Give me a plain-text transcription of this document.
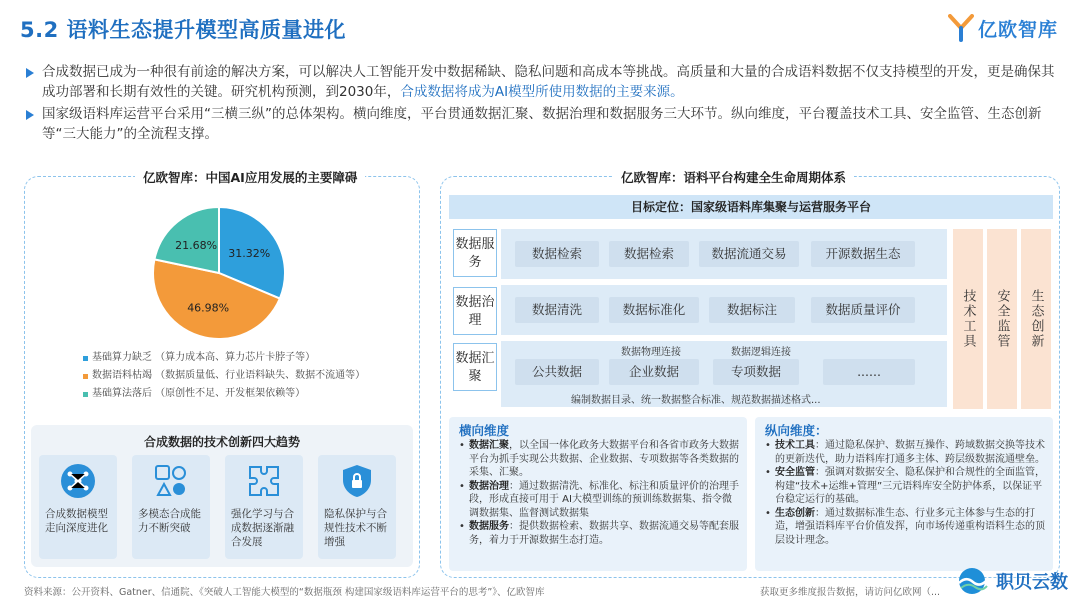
5.2 语料生态提升模型高质量进化	亿欧智库
合成数据已成为一种很有前途的解决方案，可以解决人工智能开发中数据稀缺、隐私问题和高成本等挑战。高质量和大量的合成语料数据不仅支持模型的开发，更是确保其成功部署和长期有效性的关键。研究机构预测，到2030年，合成数据将成为AI模型所使用数据的主要来源。
国家级语料库运营平台采用“三横三纵”的总体架构。横向维度，平台贯通数据汇聚、数据治理和数据服务三大环节。纵向维度，平台覆盖技术工具、安全监管、生态创新等“三大能力”的全流程支撑。
亿欧智库：中国AI应用发展的主要障碍
31.32%
46.98%
21.68%
基础算力缺乏 （算力成本高、算力芯片卡脖子等）
数据语料枯竭 （数据质量低、行业语料缺失、数据不流通等）
基础算法落后 （原创性不足、开发框架依赖等）
合成数据的技术创新四大趋势
合成数据模型走向深度进化
多模态合成能力不断突破
强化学习与合成数据逐渐融合发展
隐私保护与合规性技术不断增强
亿欧智库：语料平台构建全生命周期体系
目标定位：国家级语料库集聚与运营服务平台
数据服务
数据检索	数据检索	数据流通交易	开源数据生态
数据治理
数据清洗	数据标准化	数据标注	数据质量评价
数据汇聚
数据物理连接	数据逻辑连接
公共数据	企业数据	专项数据	......
编制数据目录、统一数据整合标准、规范数据描述格式...
技术工具	安全监管	生态创新
横向维度
• 数据汇聚，以全国一体化政务大数据平台和各省市政务大数据平台为抓手实现公共数据、企业数据、专项数据等各类数据的采集、汇聚。
• 数据治理：通过数据清洗、标准化、标注和质量评价的治理手段，形成直接可用于 AI大模型训练的预训练数据集、指令微调数据集、监督测试数据集
• 数据服务：提供数据检索、数据共享、数据流通交易等配套服务，着力于开源数据生态打造。
纵向维度：
• 技术工具：通过隐私保护、数据互操作、跨域数据交换等技术的更新迭代，助力语料库打通多主体、跨层级数据流通壁垒。
• 安全监管：强调对数据安全、隐私保护和合规性的全面监管，构建“技术+运维+管理”三元语料库安全防护体系，以保证平台稳定运行的基础。
• 生态创新：通过数据标准生态、行业多元主体参与生态的打造，增强语料库平台价值发挥，向市场传递重构语料生态的顶层设计理念。
资料来源：公开资料、Gatner、信通院、《突破人工智能大模型的“数据瓶颈 构建国家级语料库运营平台的思考”》、亿欧智库	获取更多维度报告数据，请访问亿欧网（...	职贝云数
